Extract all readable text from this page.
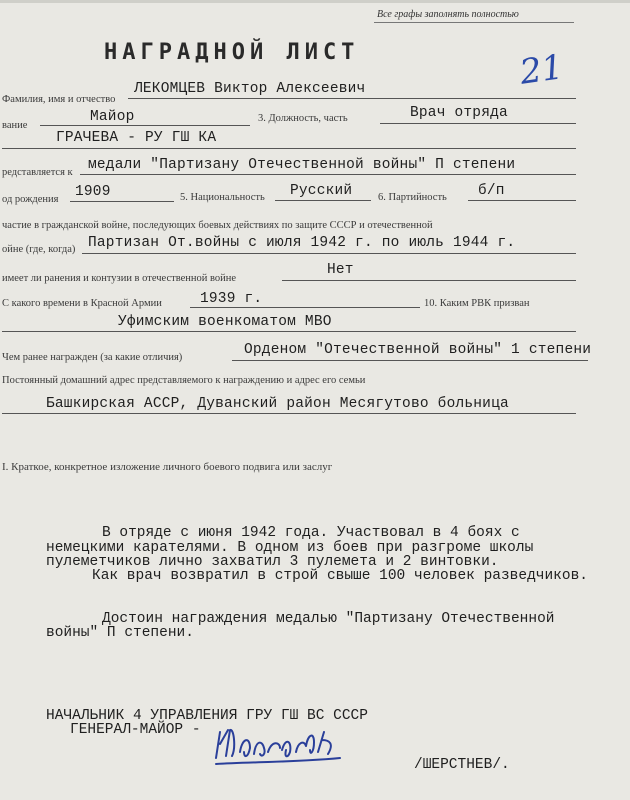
Все графы заполнять полностью
21
НАГРАДНОЙ ЛИСТ
Фамилия, имя и отчество
ЛЕКОМЦЕВ Виктор Алексеевич
вание
Майор	3. Должность, часть	Врач отряда
ГРАЧЕВА - РУ ГШ КА
редставляется к медали "Партизану Отечественной войны" П степени
од рождения 1909	5. Национальность Русский 6. Партийность б/п
частие в гражданской войне, последующих боевых действиях по защите СССР и отечественной
ойне (где, когда) Партизан От.войны с июля 1942 г. по июль 1944 г.
имеет ли ранения и контузии в отечественной войне
Нет
С какого времени в Красной Армии	1939 г.	10. Каким РВК призван
Уфимским военкоматом МВО
Чем ранее награжден (за какие отличия)	Орденом "Отечественной войны" 1 степени
Постоянный домашний адрес представляемого к награждению и адрес его семьи
Башкирская АССР, Дуванский район Месягутово больница
I. Краткое, конкретное изложение личного боевого подвига или заслуг
В отряде с июня 1942 года. Участвовал в 4 боях с
немецкими карателями. В одном из боев при разгроме школы
пулеметчиков лично захватил 3 пулемета и 2 винтовки.
Как врач возвратил в строй свыше 100 человек разведчиков.
Достоин награждения медалью "Партизану Отечественной
войны" П степени.
НАЧАЛЬНИК 4 УПРАВЛЕНИЯ ГРУ ГШ ВС СССР
ГЕНЕРАЛ-МАЙОР -
/ШЕРСТНЕВ/.
